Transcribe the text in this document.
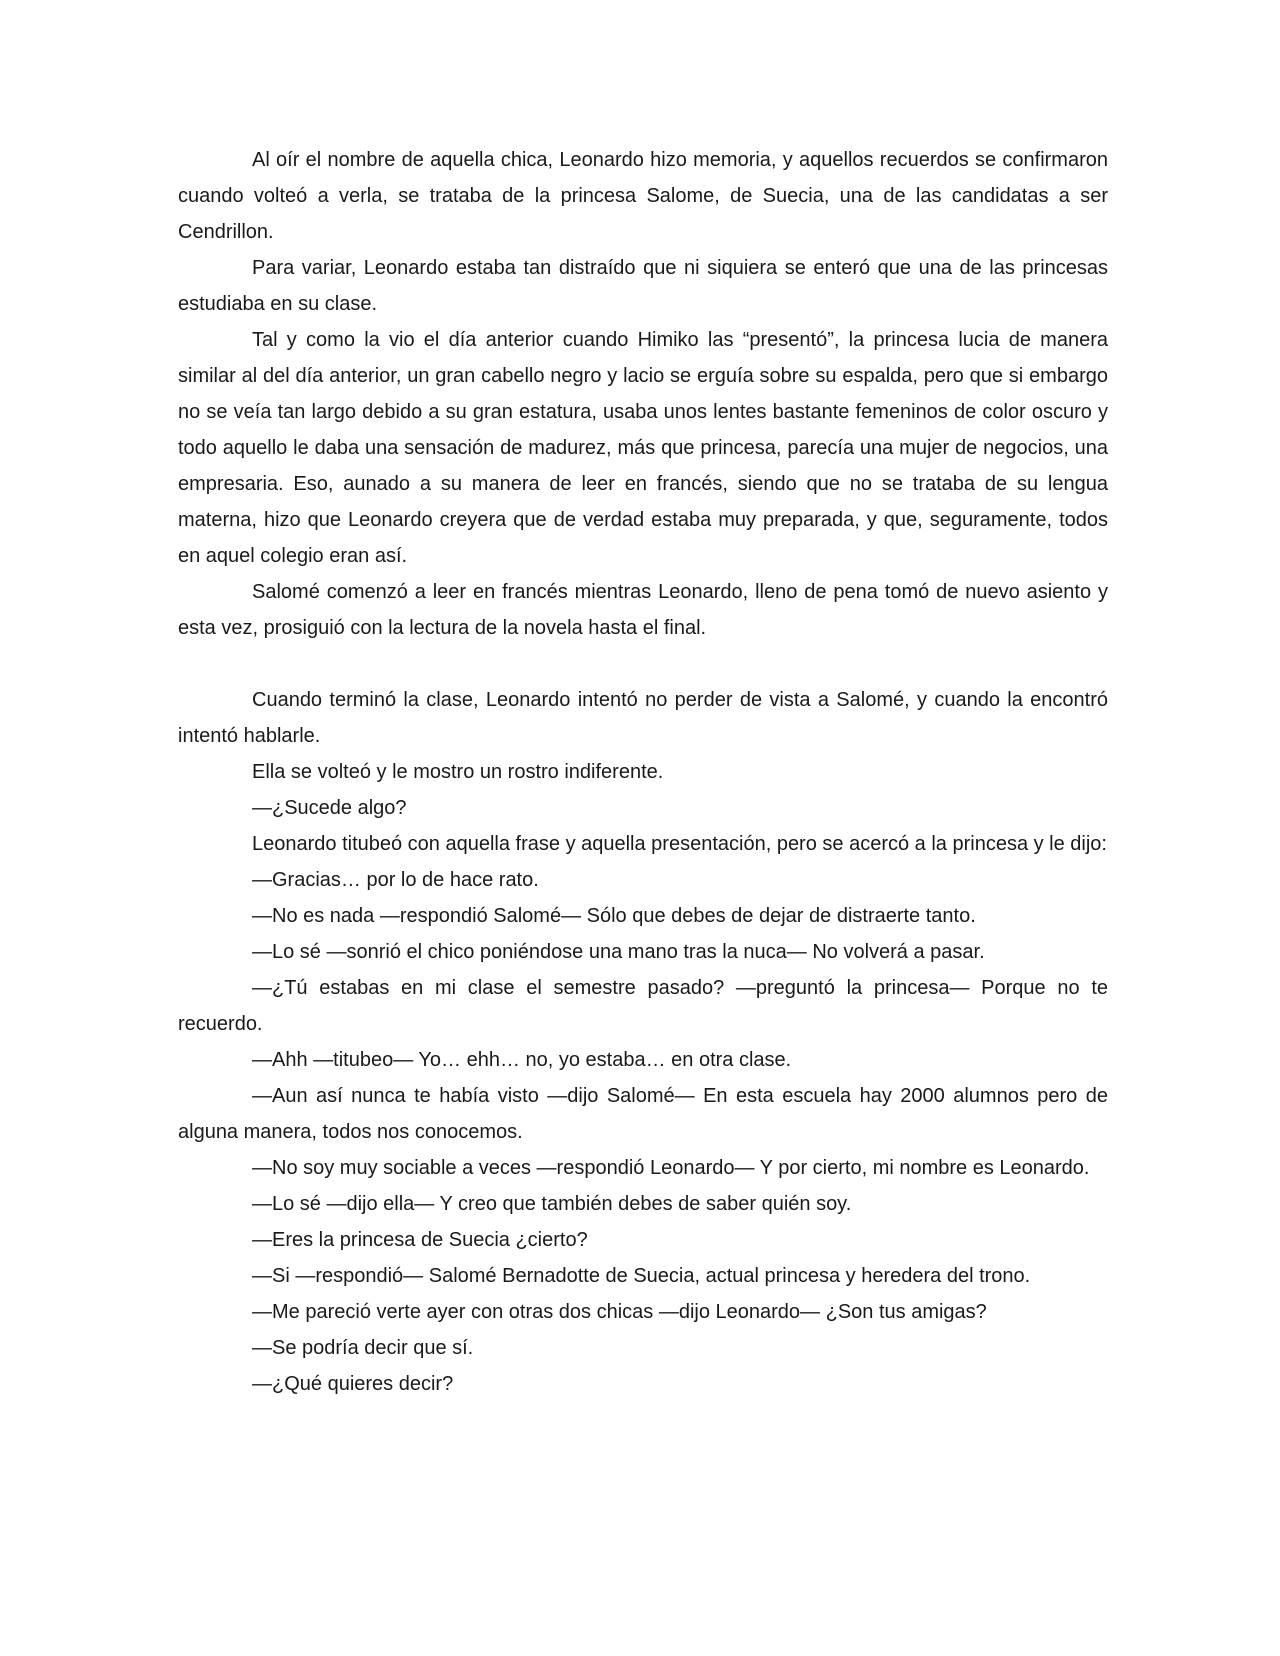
Al oír el nombre de aquella chica, Leonardo hizo memoria, y aquellos recuerdos se confirmaron cuando volteó a verla, se trataba de la princesa Salome, de Suecia, una de las candidatas a ser Cendrillon.

Para variar, Leonardo estaba tan distraído que ni siquiera se enteró que una de las princesas estudiaba en su clase.

Tal y como la vio el día anterior cuando Himiko las “presentó”, la princesa lucia de manera similar al del día anterior, un gran cabello negro y lacio se erguía sobre su espalda, pero que si embargo no se veía tan largo debido a su gran estatura, usaba unos lentes bastante femeninos de color oscuro y todo aquello le daba una sensación de madurez, más que princesa, parecía una mujer de negocios, una empresaria. Eso, aunado a su manera de leer en francés, siendo que no se trataba de su lengua materna, hizo que Leonardo creyera que de verdad estaba muy preparada, y que, seguramente, todos en aquel colegio eran así.

Salomé comenzó a leer en francés mientras Leonardo, lleno de pena tomó de nuevo asiento y esta vez, prosiguió con la lectura de la novela hasta el final.

Cuando terminó la clase, Leonardo intentó no perder de vista a Salomé, y cuando la encontró intentó hablarle.

Ella se volteó y le mostro un rostro indiferente.

—¿Sucede algo?

Leonardo titubeó con aquella frase y aquella presentación, pero se acercó a la princesa y le dijo:

—Gracias… por lo de hace rato.

—No es nada —respondió Salomé— Sólo que debes de dejar de distraerte tanto.

—Lo sé —sonrió el chico poniéndose una mano tras la nuca— No volverá a pasar.

—¿Tú estabas en mi clase el semestre pasado? —preguntó la princesa— Porque no te recuerdo.

—Ahh —titubeo— Yo… ehh… no, yo estaba… en otra clase.

—Aun así nunca te había visto —dijo Salomé— En esta escuela hay 2000 alumnos pero de alguna manera, todos nos conocemos.

—No soy muy sociable a veces —respondió Leonardo— Y por cierto, mi nombre es Leonardo.

—Lo sé —dijo ella— Y creo que también debes de saber quién soy.

—Eres la princesa de Suecia ¿cierto?

—Si —respondió— Salomé Bernadotte de Suecia, actual princesa y heredera del trono.

—Me pareció verte ayer con otras dos chicas —dijo Leonardo— ¿Son tus amigas?

—Se podría decir que sí.

—¿Qué quieres decir?
